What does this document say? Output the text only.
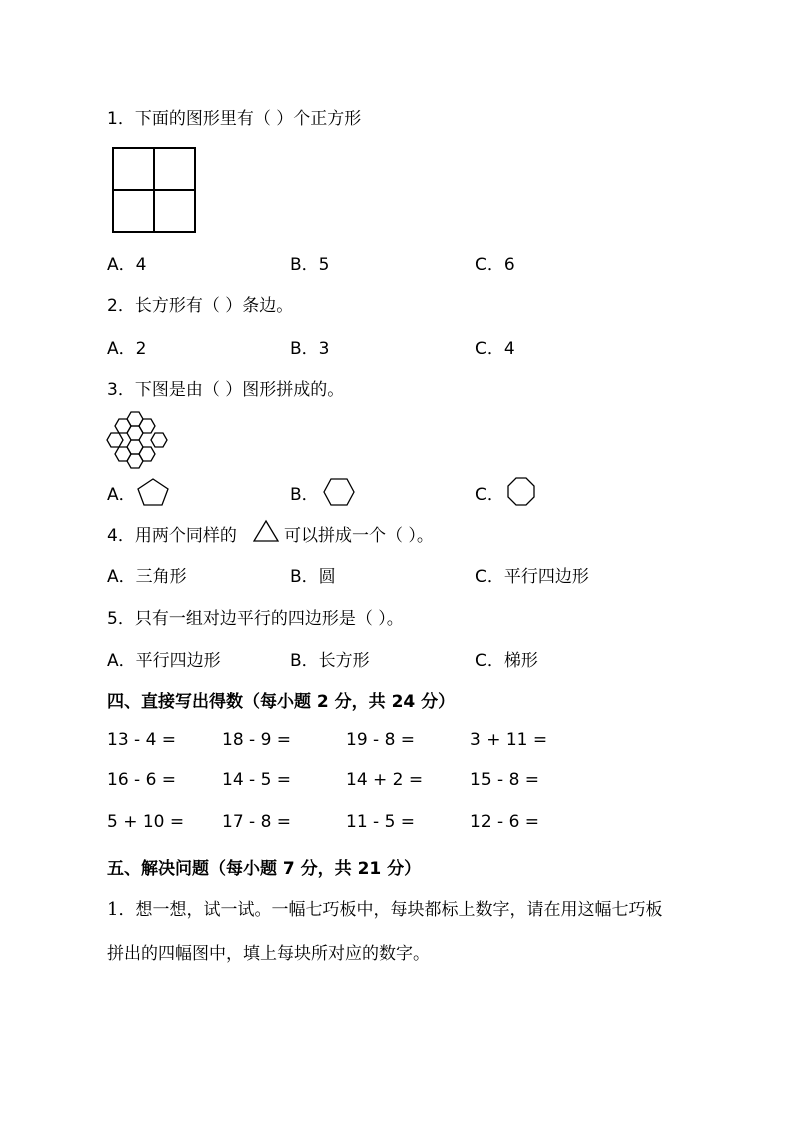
1．下面的图形里有（ ）个正方形
A．4	B．5	C．6
2．长方形有（ ）条边。
A．2	B．3	C．4
3．下图是由（ ）图形拼成的。
A．	B．	C．
4．用两个同样的	可以拼成一个（ ）。
A．三角形	B．圆	C．平行四边形
5．只有一组对边平行的四边形是（ ）。
A．平行四边形	B．长方形	C．梯形
四、直接写出得数（每小题 2 分，共 24 分）
13 - 4 =	18 - 9 =	19 - 8 =	3 + 11 =
16 - 6 =	14 - 5 =	14 + 2 =	15 - 8 =
5 + 10 = 17 - 8 =	11 - 5 =	12 - 6 =
五、解决问题（每小题 7 分，共 21 分）
1．想一想，试一试。一幅七巧板中，每块都标上数字，请在用这幅七巧板
拼出的四幅图中，填上每块所对应的数字。
